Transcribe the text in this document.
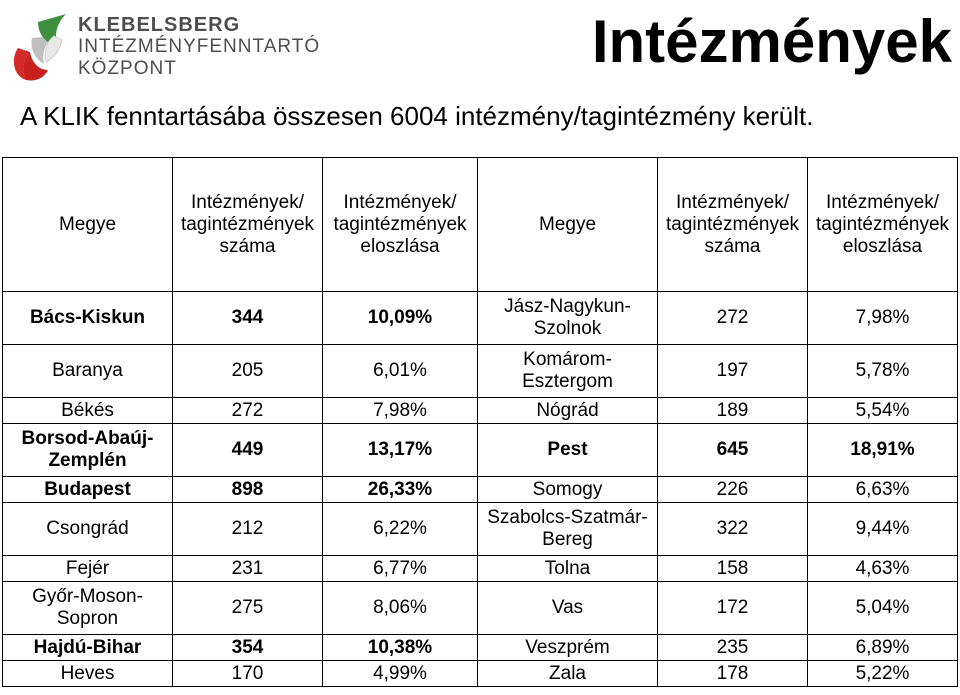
KLEBELSBERG
INTÉZMÉNYFENNTARTÓ
KÖZPONT	Intézmények
A KLIK fenntartásába összesen 6004 intézmény/tagintézmény került.
Megye	Intézmények/ tagintézmények száma	Intézmények/ tagintézmények eloszlása	Megye	Intézmények/ tagintézmények száma	Intézmények/ tagintézmények eloszlása
Bács-Kiskun	344	10,09%	Jász-Nagykun-Szolnok	272	7,98%
Baranya	205	6,01%	Komárom-Esztergom	197	5,78%
Békés	272	7,98%	Nógrád	189	5,54%
Borsod-Abaúj-Zemplén	449	13,17%	Pest	645	18,91%
Budapest	898	26,33%	Somogy	226	6,63%
Csongrád	212	6,22%	Szabolcs-Szatmár-Bereg	322	9,44%
Fejér	231	6,77%	Tolna	158	4,63%
Győr-Moson-Sopron	275	8,06%	Vas	172	5,04%
Hajdú-Bihar	354	10,38%	Veszprém	235	6,89%
Heves	170	4,99%	Zala	178	5,22%
